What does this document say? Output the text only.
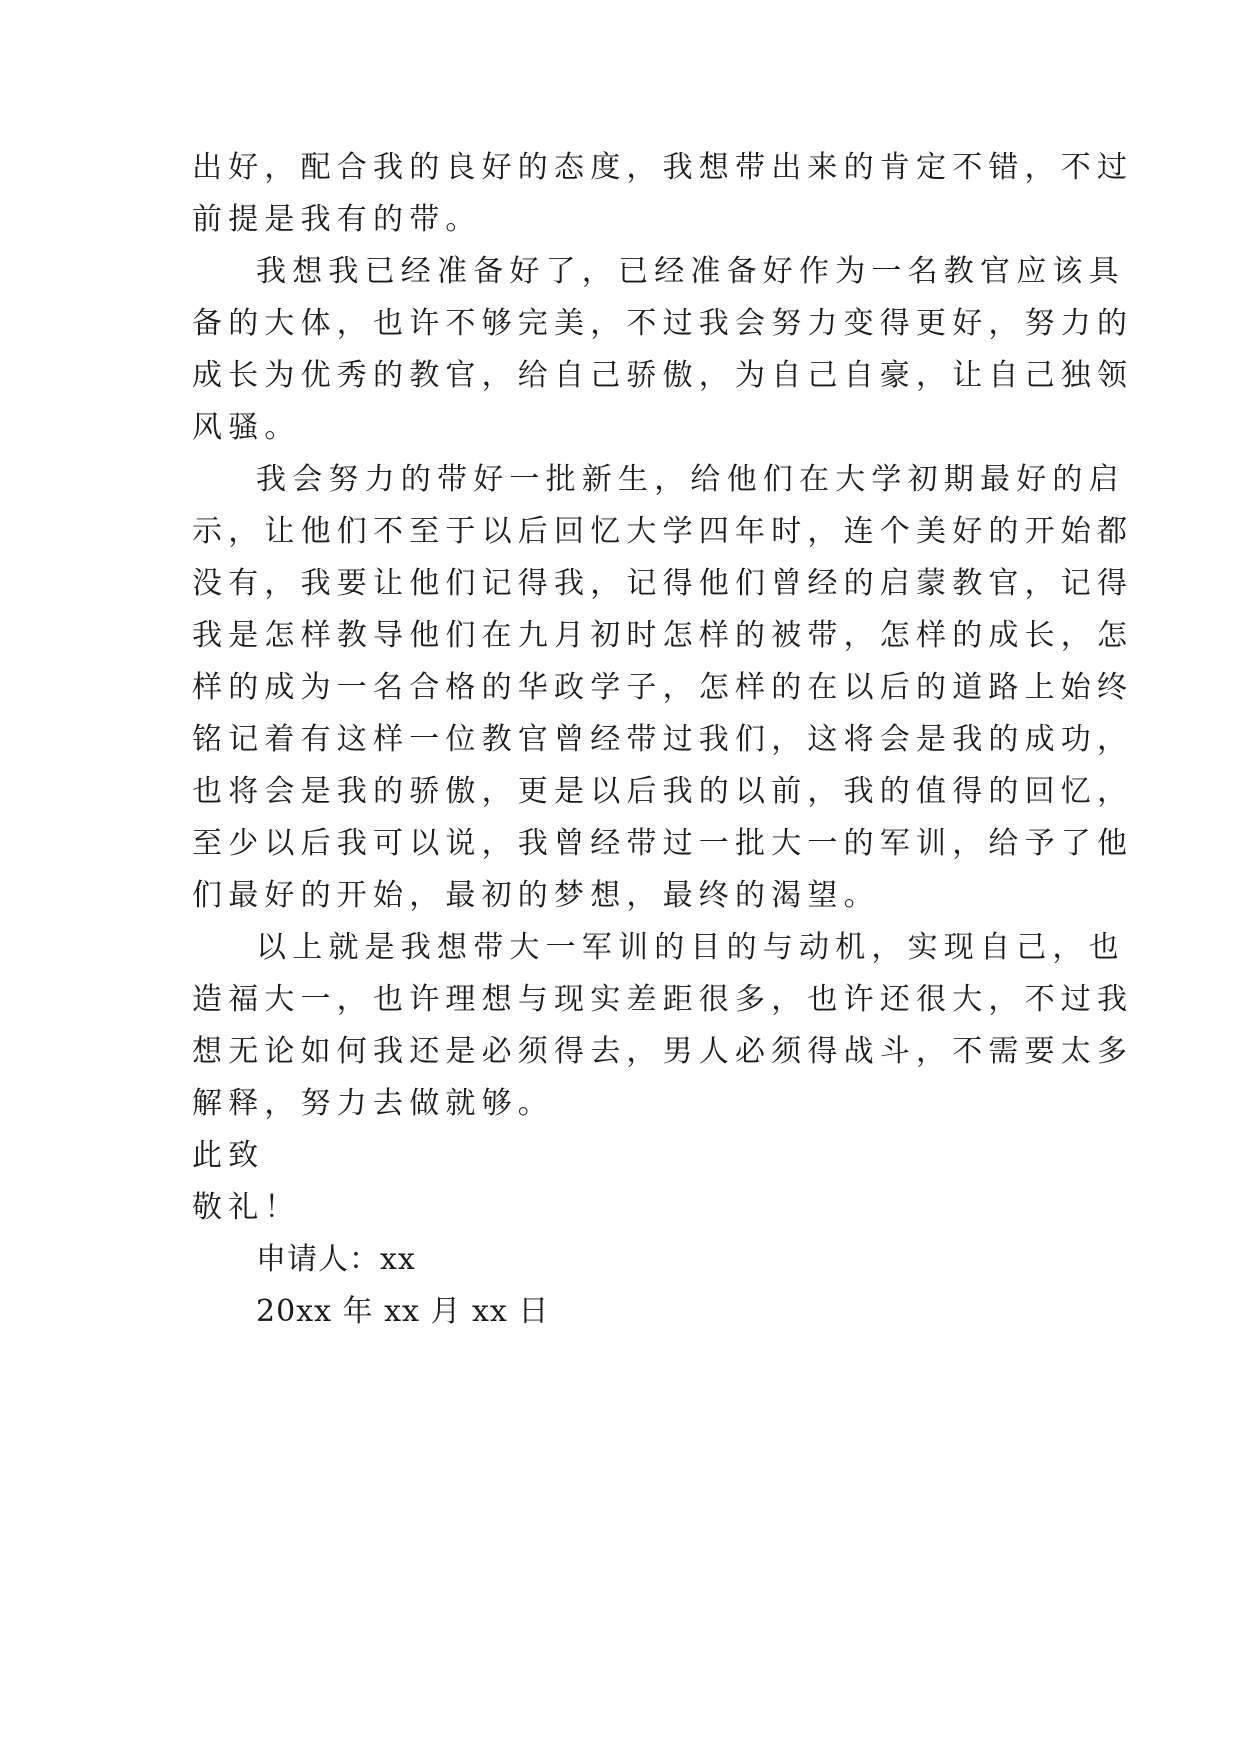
出好，配合我的良好的态度，我想带出来的肯定不错，不过
前提是我有的带。
我想我已经准备好了，已经准备好作为一名教官应该具
备的大体，也许不够完美，不过我会努力变得更好，努力的
成长为优秀的教官，给自己骄傲，为自己自豪，让自己独领
风骚。
我会努力的带好一批新生，给他们在大学初期最好的启
示，让他们不至于以后回忆大学四年时，连个美好的开始都
没有，我要让他们记得我，记得他们曾经的启蒙教官，记得
我是怎样教导他们在九月初时怎样的被带，怎样的成长，怎
样的成为一名合格的华政学子，怎样的在以后的道路上始终
铭记着有这样一位教官曾经带过我们，这将会是我的成功，
也将会是我的骄傲，更是以后我的以前，我的值得的回忆，
至少以后我可以说，我曾经带过一批大一的军训，给予了他
们最好的开始，最初的梦想，最终的渴望。
以上就是我想带大一军训的目的与动机，实现自己，也
造福大一，也许理想与现实差距很多，也许还很大，不过我
想无论如何我还是必须得去，男人必须得战斗，不需要太多
解释，努力去做就够。
此致
敬礼！
申请人：xx
20xx 年 xx 月 xx 日
